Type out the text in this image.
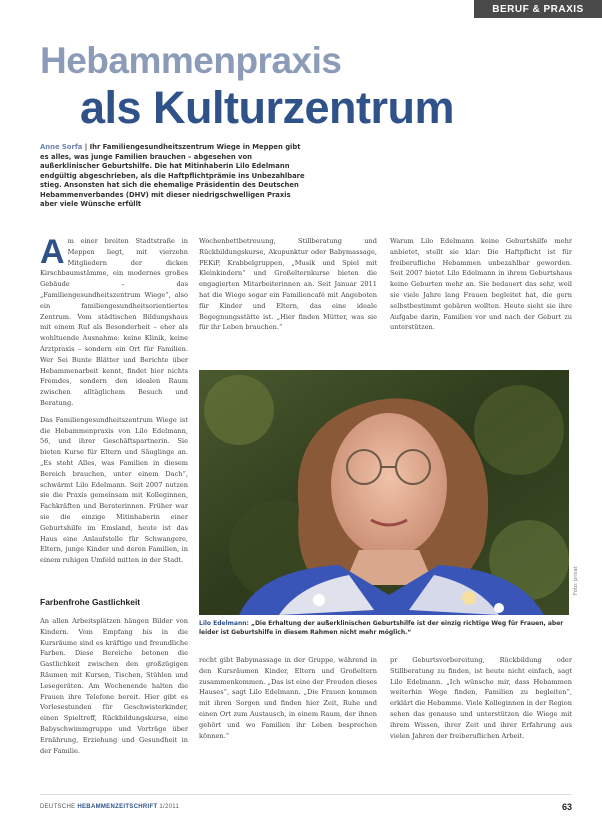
BERUF & PRAXIS
Hebammenpraxis
als Kulturzentrum
Anne Sorfa | Ihr Familiengesundheitszentrum Wiege in Meppen gibt es alles, was junge Familien brauchen – abgesehen von außerklinischer Geburtshilfe. Die hat Mitinhaberin Lilo Edelmann endgültig abgeschrieben, als die Haftpflichtprämie ins Unbezahlbare stieg. Ansonsten hat sich die ehemalige Präsidentin des Deutschen Hebammenverbandes (DHV) mit dieser niedrigschwelligen Praxis aber viele Wünsche erfüllt
Am einer breiten Stadtstraße in Meppen liegt, mit vierzehn Mitgliedern der dicken Kirschbaumstämme, ein modernes großes Gebäude – das „Familiengesundheitszentrum Wiege“, also ein familiengesundheitsorientiertes Zentrum. Vom städtischen Bildungshaus mit einem Ruf als Besonderheit – eher als wohltuende Ausnahme: keine Klinik, keine Arztpraxis – sondern ein Ort für Familien. Wer Sei Bunte Blätter und Berichte über Hebammenarbeit kennt, findet hier nichts Fremdes, sondern den idealen Raum zwischen alltäglichem Besuch und Beratung.
Das Familiengesundheitszentrum Wiege ist die Hebammenpraxis von Lilo Edelmann, 56, und ihrer Geschäftspartnerin. Sie bieten Kurse für Eltern und Säuglinge an. „Es steht Alles, was Familien in diesem Bereich brauchen, unter einem Dach“, schwärmt Lilo Edelmann. Seit 2007 nutzen sie die Praxis gemeinsam mit Kolleginnen, Fachkräften und Beraterinnen. Früher war sie die einzige Mitinhaberin einer Geburtshilfe im Emsland, heute ist das Haus eine Anlaufstelle für Schwangere, Eltern, junge Kinder und deren Familien, in einem ruhigen Umfeld mitten in der Stadt.
Wochenbettbetreuung, Stillberatung und Rückbildungskurse, Akupunktur oder Babymassage, PEKiP, Krabbelgruppen, „Musik und Spiel mit Kleinkindern“ und Großelternkurse bieten die engagierten Mitarbeiterinnen an. Seit Januar 2011 hat die Wiege sogar ein Familiencafé mit Angeboten für Kinder und Eltern, das eine ideale Begegnungsstätte ist. „Hier finden Mütter, was sie für ihr Leben brauchen.“
Warum Lilo Edelmann keine Geburtshilfe mehr anbietet, stellt sie klar: Die Haftpflicht ist für freiberufliche Hebammen unbezahlbar geworden. Seit 2007 bietet Lilo Edelmann in ihrem Geburtshaus keine Geburten mehr an. Sie bedauert das sehr, weil sie viele Jahre lang Frauen begleitet hat, die gern selbstbestimmt gebären wollten. Heute sieht sie ihre Aufgabe darin, Familien vor und nach der Geburt zu unterstützen.
Foto: privat
Lilo Edelmann: „Die Erhaltung der außerklinischen Geburtshilfe ist der einzig richtige Weg für Frauen, aber leider ist Geburtshilfe in diesem Rahmen nicht mehr möglich.“
Farbenfrohe Gastlichkeit
An allen Arbeitsplätzen hängen Bilder von Kindern. Vom Empfang bis in die Kursräume sind es kräftige und freundliche Farben. Diese Bereiche betonen die Gastlichkeit zwischen den großzügigen Räumen mit Kursen, Tischen, Stühlen und Lesegeräten. Am Wochenende halten die Frauen ihre Telefone bereit. Hier gibt es Vorlesestunden für Geschwisterkinder, einen Spieltreff, Rückbildungskurse, eine Babyschwimmgruppe und Vorträge über Ernährung, Erziehung und Gesundheit in der Familie.
recht gibt Babymassage in der Gruppe, während in den Kursräumen Kinder, Eltern und Großeltern zusammenkommen. „Das ist eine der Freuden dieses Hauses“, sagt Lilo Edelmann. „Die Frauen kommen mit ihren Sorgen und finden hier Zeit, Ruhe und einen Ort zum Austausch, in einem Raum, der ihnen gehört und wo Familien ihr Leben besprechen können.“
pr Geburtsvorbereitung, Rückbildung oder Stillberatung zu finden, ist heute nicht einfach, sagt Lilo Edelmann. „Ich wünsche mir, dass Hebammen weiterhin Wege finden, Familien zu begleiten“, erklärt die Hebamme. Viele Kolleginnen in der Region sehen das genauso und unterstützen die Wiege mit ihrem Wissen, ihrer Zeit und ihrer Erfahrung aus vielen Jahren der freiberuflichen Arbeit.
DEUTSCHE HEBAMMENZEITSCHRIFT 1/2011	63
